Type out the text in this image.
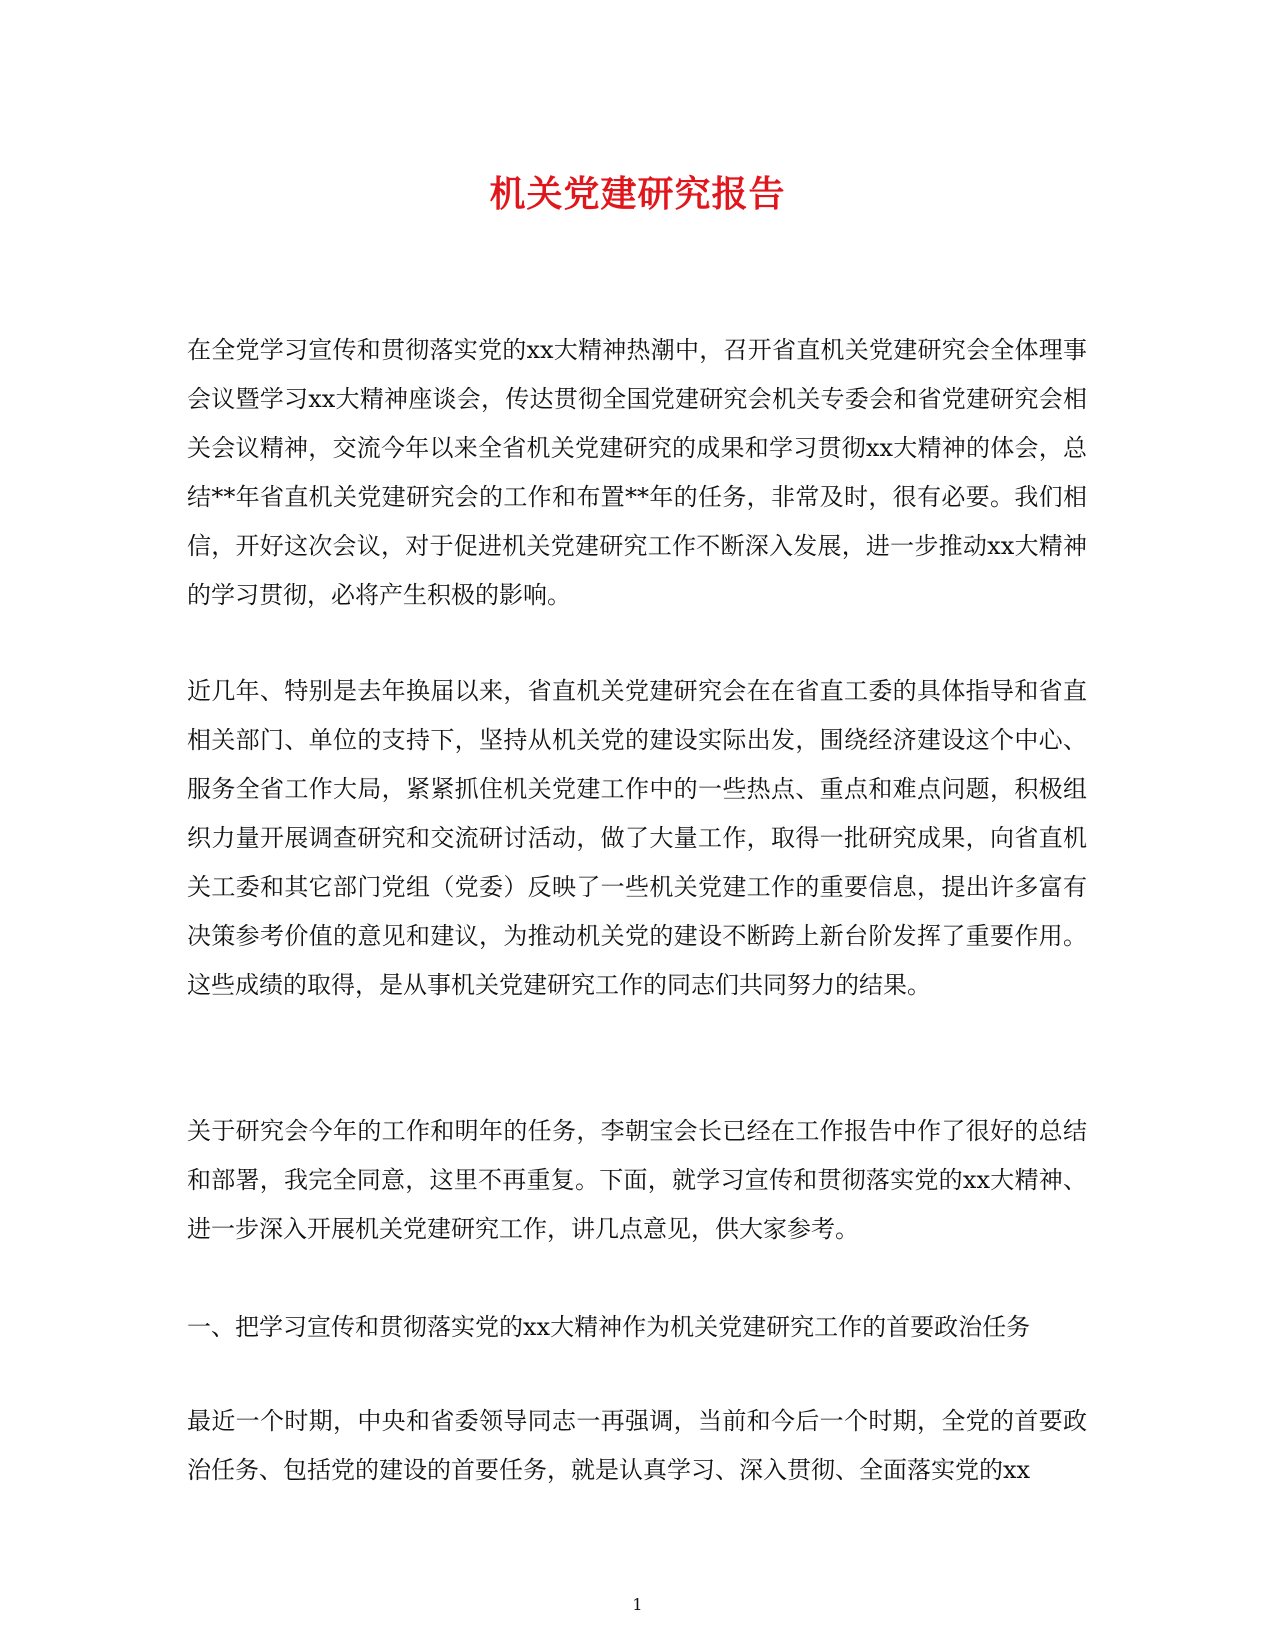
机关党建研究报告

在全党学习宣传和贯彻落实党的xx大精神热潮中，召开省直机关党建研究会全体理事会议暨学习xx大精神座谈会，传达贯彻全国党建研究会机关专委会和省党建研究会相关会议精神，交流今年以来全省机关党建研究的成果和学习贯彻xx大精神的体会，总结**年省直机关党建研究会的工作和布置**年的任务，非常及时，很有必要。我们相信，开好这次会议，对于促进机关党建研究工作不断深入发展，进一步推动xx大精神的学习贯彻，必将产生积极的影响。

近几年、特别是去年换届以来，省直机关党建研究会在在省直工委的具体指导和省直相关部门、单位的支持下，坚持从机关党的建设实际出发，围绕经济建设这个中心、服务全省工作大局，紧紧抓住机关党建工作中的一些热点、重点和难点问题，积极组织力量开展调查研究和交流研讨活动，做了大量工作，取得一批研究成果，向省直机关工委和其它部门党组（党委）反映了一些机关党建工作的重要信息，提出许多富有决策参考价值的意见和建议，为推动机关党的建设不断跨上新台阶发挥了重要作用。这些成绩的取得，是从事机关党建研究工作的同志们共同努力的结果。

关于研究会今年的工作和明年的任务，李朝宝会长已经在工作报告中作了很好的总结和部署，我完全同意，这里不再重复。下面，就学习宣传和贯彻落实党的xx大精神、进一步深入开展机关党建研究工作，讲几点意见，供大家参考。

一、把学习宣传和贯彻落实党的xx大精神作为机关党建研究工作的首要政治任务

最近一个时期，中央和省委领导同志一再强调，当前和今后一个时期，全党的首要政治任务、包括党的建设的首要任务，就是认真学习、深入贯彻、全面落实党的xx

1
